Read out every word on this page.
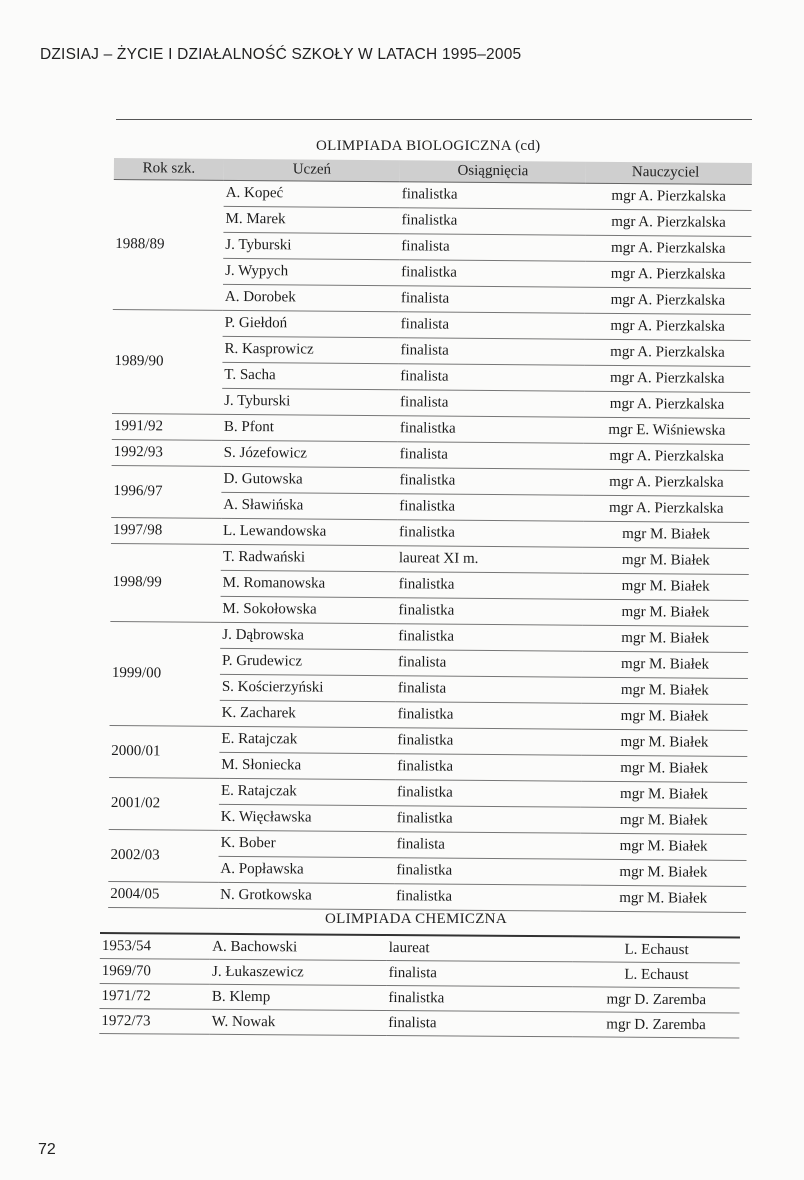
DZISIAJ – ŻYCIE I DZIAŁALNOŚĆ SZKOŁY W LATACH 1995–2005
OLIMPIADA BIOLOGICZNA (cd)
Rok szk.	Uczeń	Osiągnięcia	Nauczyciel
1988/89	A. Kopeć	finalistka	mgr A. Pierzkalska
	M. Marek	finalistka	mgr A. Pierzkalska
	J. Tyburski	finalista	mgr A. Pierzkalska
	J. Wypych	finalistka	mgr A. Pierzkalska
	A. Dorobek	finalista	mgr A. Pierzkalska
1989/90	P. Giełdoń	finalista	mgr A. Pierzkalska
	R. Kasprowicz	finalista	mgr A. Pierzkalska
	T. Sacha	finalista	mgr A. Pierzkalska
	J. Tyburski	finalista	mgr A. Pierzkalska
1991/92	B. Pfont	finalistka	mgr E. Wiśniewska
1992/93	S. Józefowicz	finalista	mgr A. Pierzkalska
1996/97	D. Gutowska	finalistka	mgr A. Pierzkalska
	A. Sławińska	finalistka	mgr A. Pierzkalska
1997/98	L. Lewandowska	finalistka	mgr M. Białek
1998/99	T. Radwański	laureat XI m.	mgr M. Białek
	M. Romanowska	finalistka	mgr M. Białek
	M. Sokołowska	finalistka	mgr M. Białek
1999/00	J. Dąbrowska	finalistka	mgr M. Białek
	P. Grudewicz	finalista	mgr M. Białek
	S. Kościerzyński	finalista	mgr M. Białek
	K. Zacharek	finalistka	mgr M. Białek
2000/01	E. Ratajczak	finalistka	mgr M. Białek
	M. Słoniecka	finalistka	mgr M. Białek
2001/02	E. Ratajczak	finalistka	mgr M. Białek
	K. Więcławska	finalistka	mgr M. Białek
2002/03	K. Bober	finalista	mgr M. Białek
	A. Popławska	finalistka	mgr M. Białek
2004/05	N. Grotkowska	finalistka	mgr M. Białek
OLIMPIADA CHEMICZNA
1953/54	A. Bachowski	laureat	L. Echaust
1969/70	J. Łukaszewicz	finalista	L. Echaust
1971/72	B. Klemp	finalistka	mgr D. Zaremba
1972/73	W. Nowak	finalista	mgr D. Zaremba
72
